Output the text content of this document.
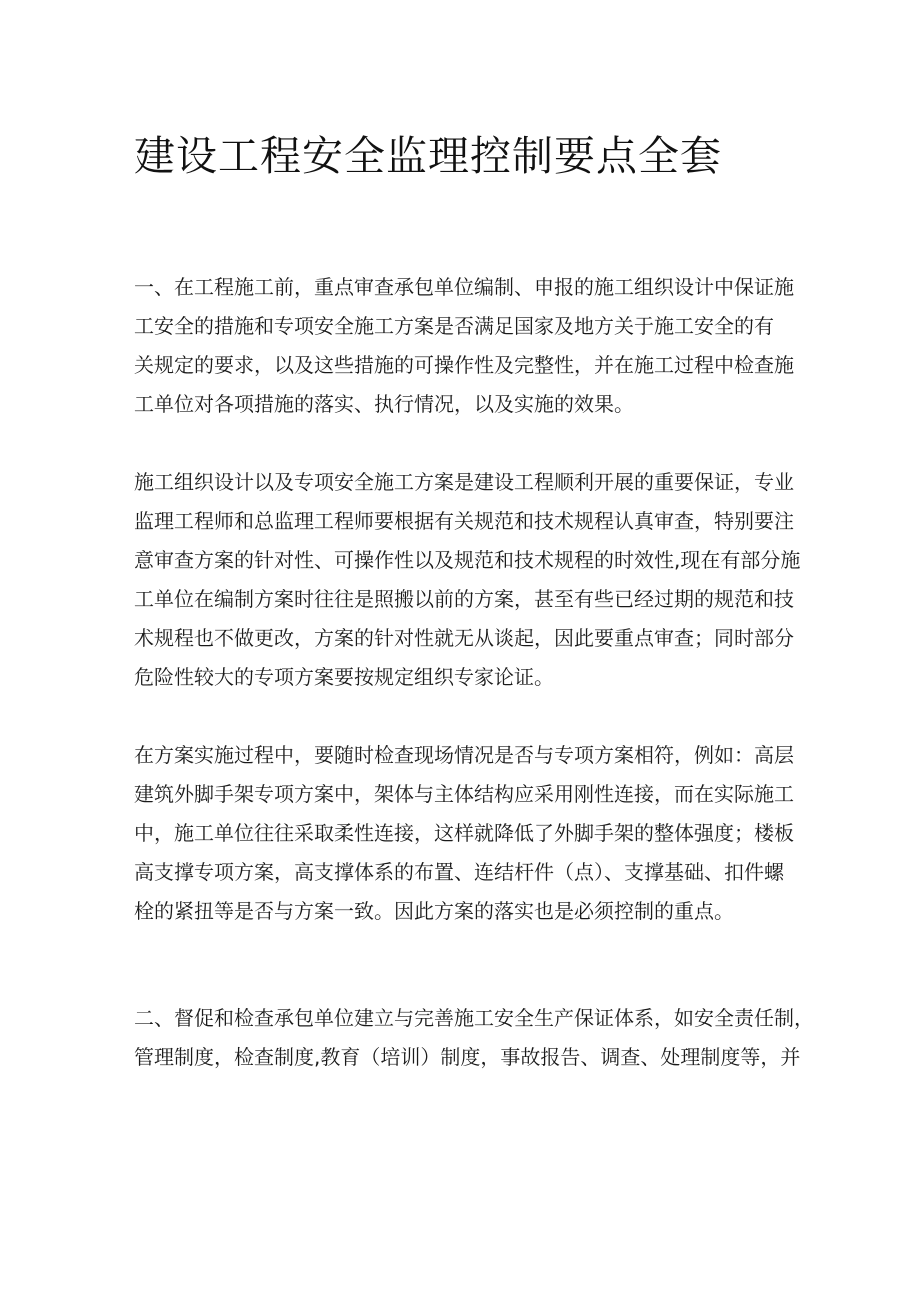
建设工程安全监理控制要点全套

一、在工程施工前，重点审查承包单位编制、申报的施工组织设计中保证施
工安全的措施和专项安全施工方案是否满足国家及地方关于施工安全的有
关规定的要求，以及这些措施的可操作性及完整性，并在施工过程中检查施
工单位对各项措施的落实、执行情况，以及实施的效果。

施工组织设计以及专项安全施工方案是建设工程顺利开展的重要保证，专业
监理工程师和总监理工程师要根据有关规范和技术规程认真审查，特别要注
意审查方案的针对性、可操作性以及规范和技术规程的时效性,现在有部分施
工单位在编制方案时往往是照搬以前的方案，甚至有些已经过期的规范和技
术规程也不做更改，方案的针对性就无从谈起，因此要重点审查；同时部分
危险性较大的专项方案要按规定组织专家论证。

在方案实施过程中，要随时检查现场情况是否与专项方案相符，例如：高层
建筑外脚手架专项方案中，架体与主体结构应采用刚性连接，而在实际施工
中，施工单位往往采取柔性连接，这样就降低了外脚手架的整体强度；楼板
高支撑专项方案，高支撑体系的布置、连结杆件（点）、支撑基础、扣件螺
栓的紧扭等是否与方案一致。因此方案的落实也是必须控制的重点。

二、督促和检查承包单位建立与完善施工安全生产保证体系，如安全责任制，
管理制度，检查制度,教育（培训）制度，事故报告、调查、处理制度等，并
